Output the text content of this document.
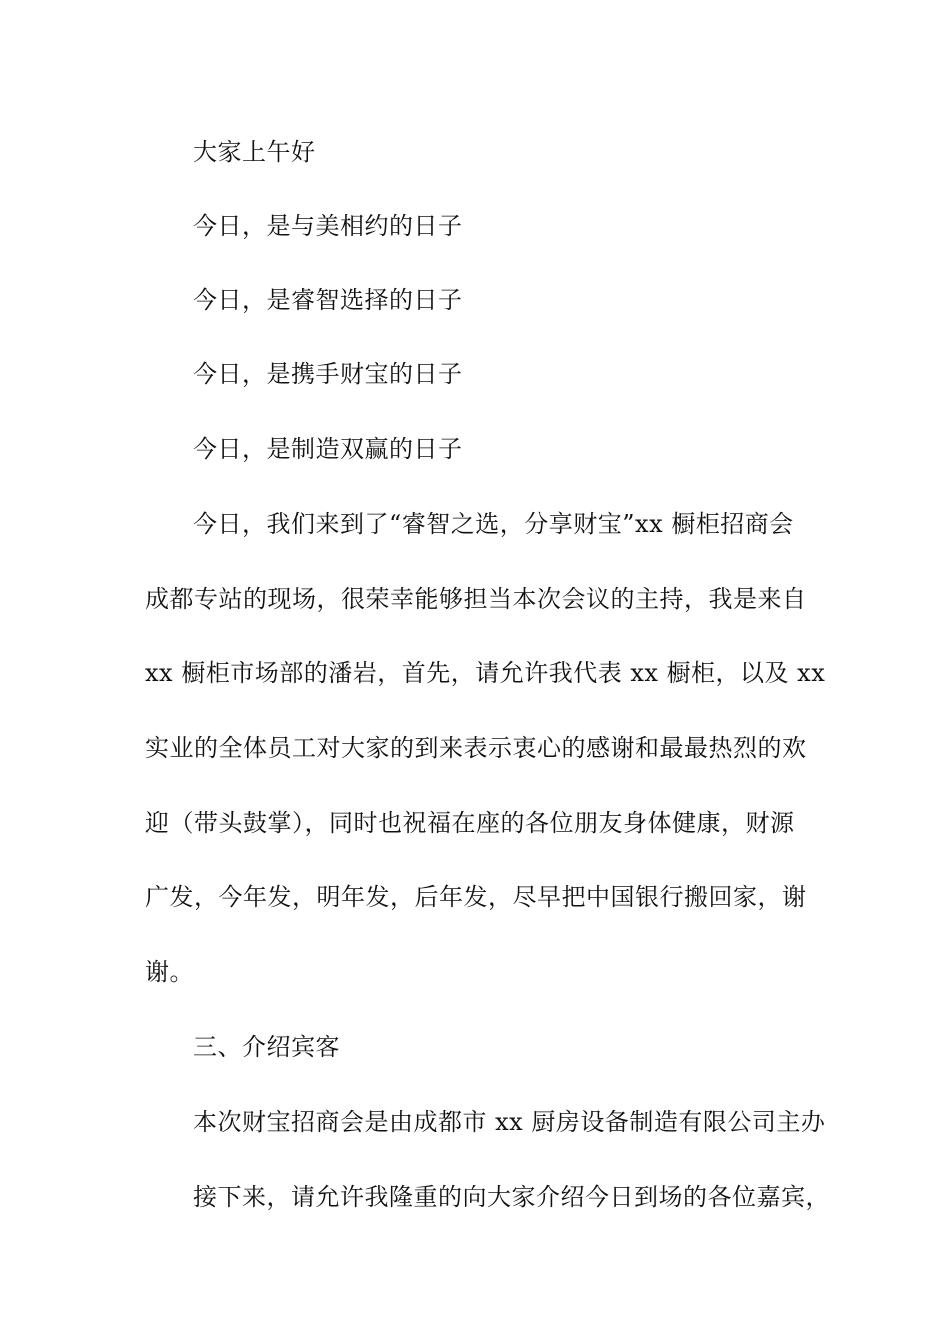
大家上午好
今日，是与美相约的日子
今日，是睿智选择的日子
今日，是携手财宝的日子
今日，是制造双赢的日子
今日，我们来到了“睿智之选，分享财宝”xx 橱柜招商会
成都专站的现场，很荣幸能够担当本次会议的主持，我是来自
xx 橱柜市场部的潘岩，首先，请允许我代表 xx 橱柜，以及 xx
实业的全体员工对大家的到来表示衷心的感谢和最最热烈的欢
迎（带头鼓掌），同时也祝福在座的各位朋友身体健康，财源
广发，今年发，明年发，后年发，尽早把中国银行搬回家，谢
谢。
三、介绍宾客
本次财宝招商会是由成都市 xx 厨房设备制造有限公司主办
接下来，请允许我隆重的向大家介绍今日到场的各位嘉宾，
